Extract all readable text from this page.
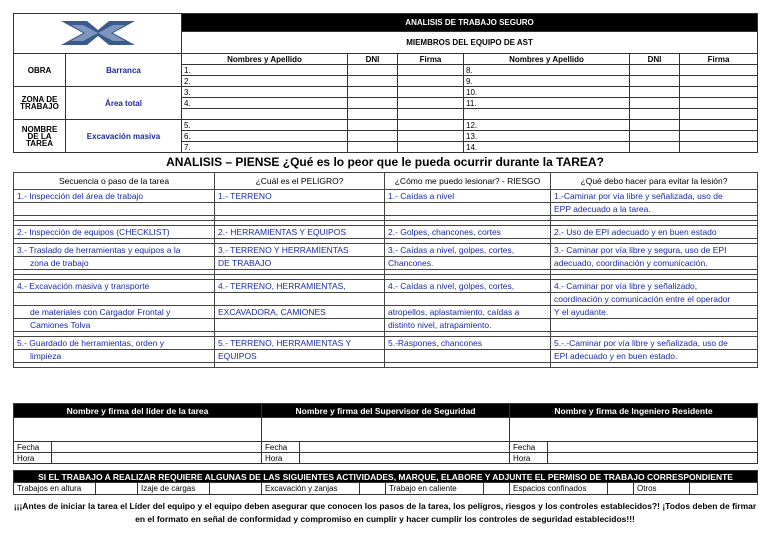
	ANALISIS DE TRABAJO SEGURO					
		MIEMBROS DEL EQUIPO DE AST					
OBRA	Barranca	Nombres y Apellido	DNI	Firma	Nombres y Apellido	DNI	Firma
		1.			8.		
		2.			9.		
ZONA DE TRABAJO	Área total	3.			10.		
		4.			11.		

NOMBRE DE LA TAREA	Excavación masiva	5.			12.		
		6.			13.		
		7.			14.		
ANALISIS – PIENSE ¿Qué es lo peor que le pueda ocurrir durante la TAREA?
Secuencia o paso de la tarea	¿Cuál es el PELIGRO?	¿Cómo me puedo lesionar? - RIESGO	¿Qué debo hacer para evitar la lesión?
1.- Inspección del área de trabajo	1.- TERRENO	1.- Caídas a nivel	1.-Caminar por vía libre y señalizada, uso de
			EPP adecuado a la tarea.

2.- Inspección de equipos (CHECKLIST)	2.- HERRAMIENTAS Y EQUIPOS	2.- Golpes, chancones, cortes	2.- Uso de EPI adecuado y en buen estado

3.- Traslado de herramientas y equipos a la	3.- TERRENO Y HERRAMIENTAS	3.- Caídas a nivel, golpes, cortes,	3.- Caminar por vía libre y segura, uso de EPI
zona de trabajo	DE TRABAJO	Chancones.	adecuado, coordinación y comunicación.

4.- Excavación masiva y transporte	4.- TERRENO, HERRAMIENTAS,	4.- Caídas a nivel, golpes, cortes,	4.- Caminar por vía libre y señalizado,
			coordinación y comunicación entre el operador
de materiales con Cargador Frontal y	EXCAVADORA, CAMIONES	atropellos, aplastamiento, caídas a	Y el ayudante.
Camiones Tolva		distinto nivel, atrapamiento.	

5.- Guardado de herramientas, orden y	5.- TERRENO, HERRAMIENTAS Y	5.-Raspones, chancones	5.-.-Caminar por vía libre y señalizada, uso de
limpieza	EQUIPOS		EPI adecuado y en buen estado.

Nombre y firma del líder de la tarea		Nombre y firma del Supervisor de Seguridad		Nombre y firma de Ingeniero Residente	

Fecha		Fecha		Fecha	
Hora		Hora		Hora	
SI EL TRABAJO A REALIZAR REQUIERE ALGUNAS DE LAS SIGUIENTES ACTIVIDADES, MARQUE, ELABORE Y ADJUNTE EL PERMISO DE TRABAJO CORRESPONDIENTE
Trabajos en altura		Izaje de cargas		Excavación y zanjas		Trabajo en caliente		Espacios confinados		Otros	
¡¡¡Antes de iniciar la tarea el Líder del equipo y el equipo deben asegurar que conocen los pasos de la tarea, los peligros, riesgos y los controles establecidos?! ¡Todos deben de firmar en el formato en señal de conformidad y compromiso en cumplir y hacer cumplir los controles de seguridad establecidos!!!
